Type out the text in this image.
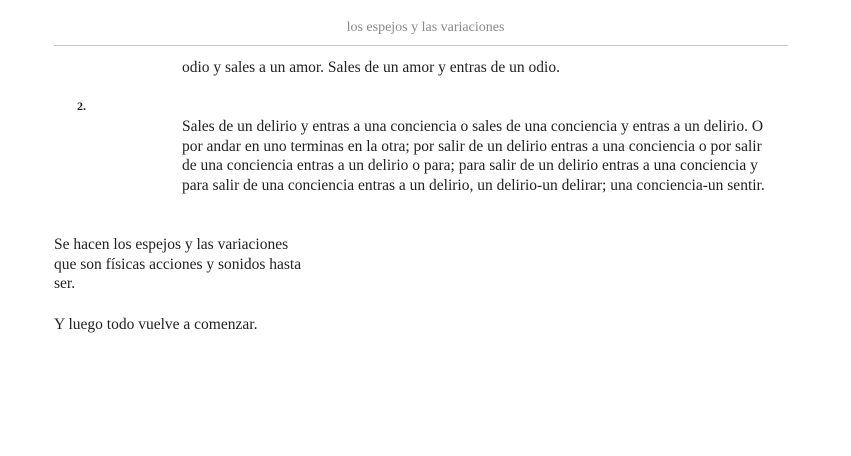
los espejos y las variaciones
odio y sales a un amor. Sales de un amor y entras de un odio.
2.
Sales de un delirio y entras a una conciencia o sales de una conciencia y entras a un delirio. O
por andar en uno terminas en la otra; por salir de un delirio entras a una conciencia o por salir
de una conciencia entras a un delirio o para; para salir de un delirio entras a una conciencia y
para salir de una conciencia entras a un delirio, un delirio-un delirar; una conciencia-un sentir.
Se hacen los espejos y las variaciones
que son físicas acciones y sonidos hasta
ser.
Y luego todo vuelve a comenzar.
